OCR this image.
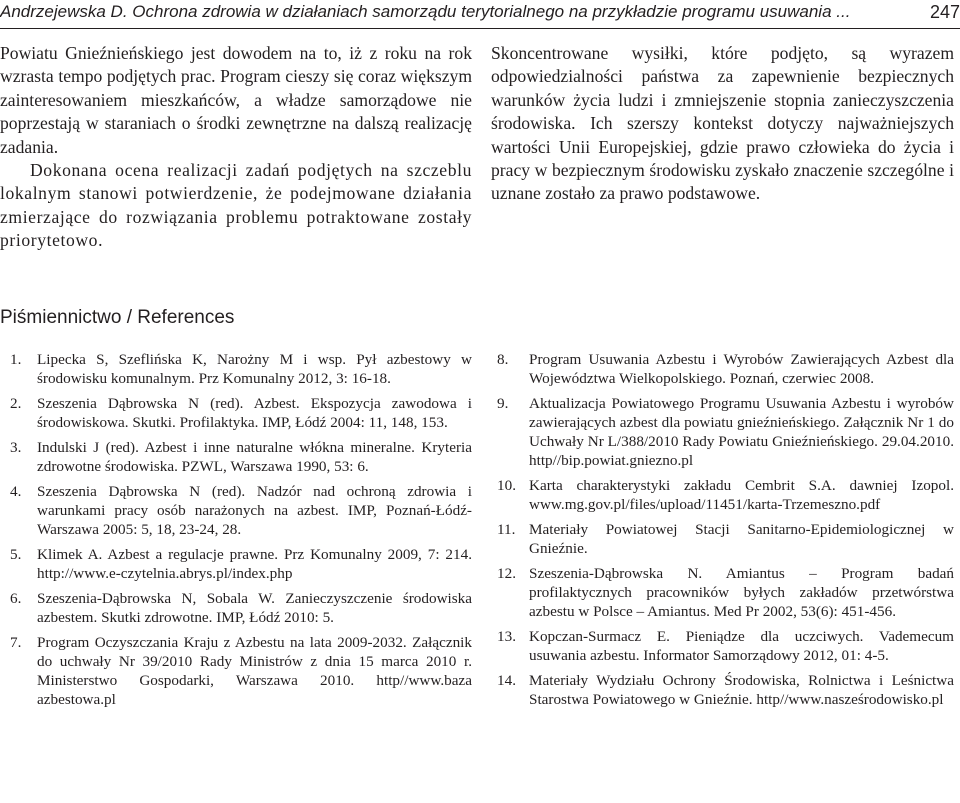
Andrzejewska D. Ochrona zdrowia w działaniach samorządu terytorialnego na przykładzie programu usuwania ...	247

Powiatu Gnieźnieńskiego jest dowodem na to, iż z roku na rok wzrasta tempo podjętych prac. Program cieszy się coraz większym zainteresowaniem mieszkańców, a władze samorządowe nie poprzestają w staraniach o środki zewnętrzne na dalszą realizację zadania.

Dokonana ocena realizacji zadań podjętych na szczeblu lokalnym stanowi potwierdzenie, że podejmowane działania zmierzające do rozwiązania problemu potraktowane zostały priorytetowo.

Skoncentrowane wysiłki, które podjęto, są wyrazem odpowiedzialności państwa za zapewnienie bezpiecznych warunków życia ludzi i zmniejszenie stopnia zanieczyszczenia środowiska. Ich szerszy kontekst dotyczy najważniejszych wartości Unii Europejskiej, gdzie prawo człowieka do życia i pracy w bezpiecznym środowisku zyskało znaczenie szczególne i uznane zostało za prawo podstawowe.

Piśmiennictwo / References
1. Lipecka S, Szeflińska K, Narożny M i wsp. Pył azbestowy w środowisku komunalnym. Prz Komunalny 2012, 3: 16-18.
2. Szeszenia Dąbrowska N (red). Azbest. Ekspozycja zawodowa i środowiskowa. Skutki. Profilaktyka. IMP, Łódź 2004: 11, 148, 153.
3. Indulski J (red). Azbest i inne naturalne włókna mineralne. Kryteria zdrowotne środowiska. PZWL, Warszawa 1990, 53: 6.
4. Szeszenia Dąbrowska N (red). Nadzór nad ochroną zdrowia i warunkami pracy osób narażonych na azbest. IMP, Poznań-Łódź-Warszawa 2005: 5, 18, 23-24, 28.
5. Klimek A. Azbest a regulacje prawne. Prz Komunalny 2009, 7: 214. http://www.e-czytelnia.abrys.pl/index.php
6. Szeszenia-Dąbrowska N, Sobala W. Zanieczyszczenie środowiska azbestem. Skutki zdrowotne. IMP, Łódź 2010: 5.
7. Program Oczyszczania Kraju z Azbestu na lata 2009-2032. Załącznik do uchwały Nr 39/2010 Rady Ministrów z dnia 15 marca 2010 r. Ministerstwo Gospodarki, Warszawa 2010. http//www.baza azbestowa.pl
8. Program Usuwania Azbestu i Wyrobów Zawierających Azbest dla Województwa Wielkopolskiego. Poznań, czerwiec 2008.
9. Aktualizacja Powiatowego Programu Usuwania Azbestu i wyrobów zawierających azbest dla powiatu gnieźnieńskiego. Załącznik Nr 1 do Uchwały Nr L/388/2010 Rady Powiatu Gnieźnieńskiego. 29.04.2010. http//bip.powiat.gniezno.pl
10. Karta charakterystyki zakładu Cembrit S.A. dawniej Izopol. www.mg.gov.pl/files/upload/11451/karta-Trzemeszno.pdf
11. Materiały Powiatowej Stacji Sanitarno-Epidemiologicznej w Gnieźnie.
12. Szeszenia-Dąbrowska N. Amiantus – Program badań profilaktycznych pracowników byłych zakładów przetwórstwa azbestu w Polsce – Amiantus. Med Pr 2002, 53(6): 451-456.
13. Kopczan-Surmacz E. Pieniądze dla uczciwych. Vademecum usuwania azbestu. Informator Samorządowy 2012, 01: 4-5.
14. Materiały Wydziału Ochrony Środowiska, Rolnictwa i Leśnictwa Starostwa Powiatowego w Gnieźnie. http//www.nasześrodowisko.pl
